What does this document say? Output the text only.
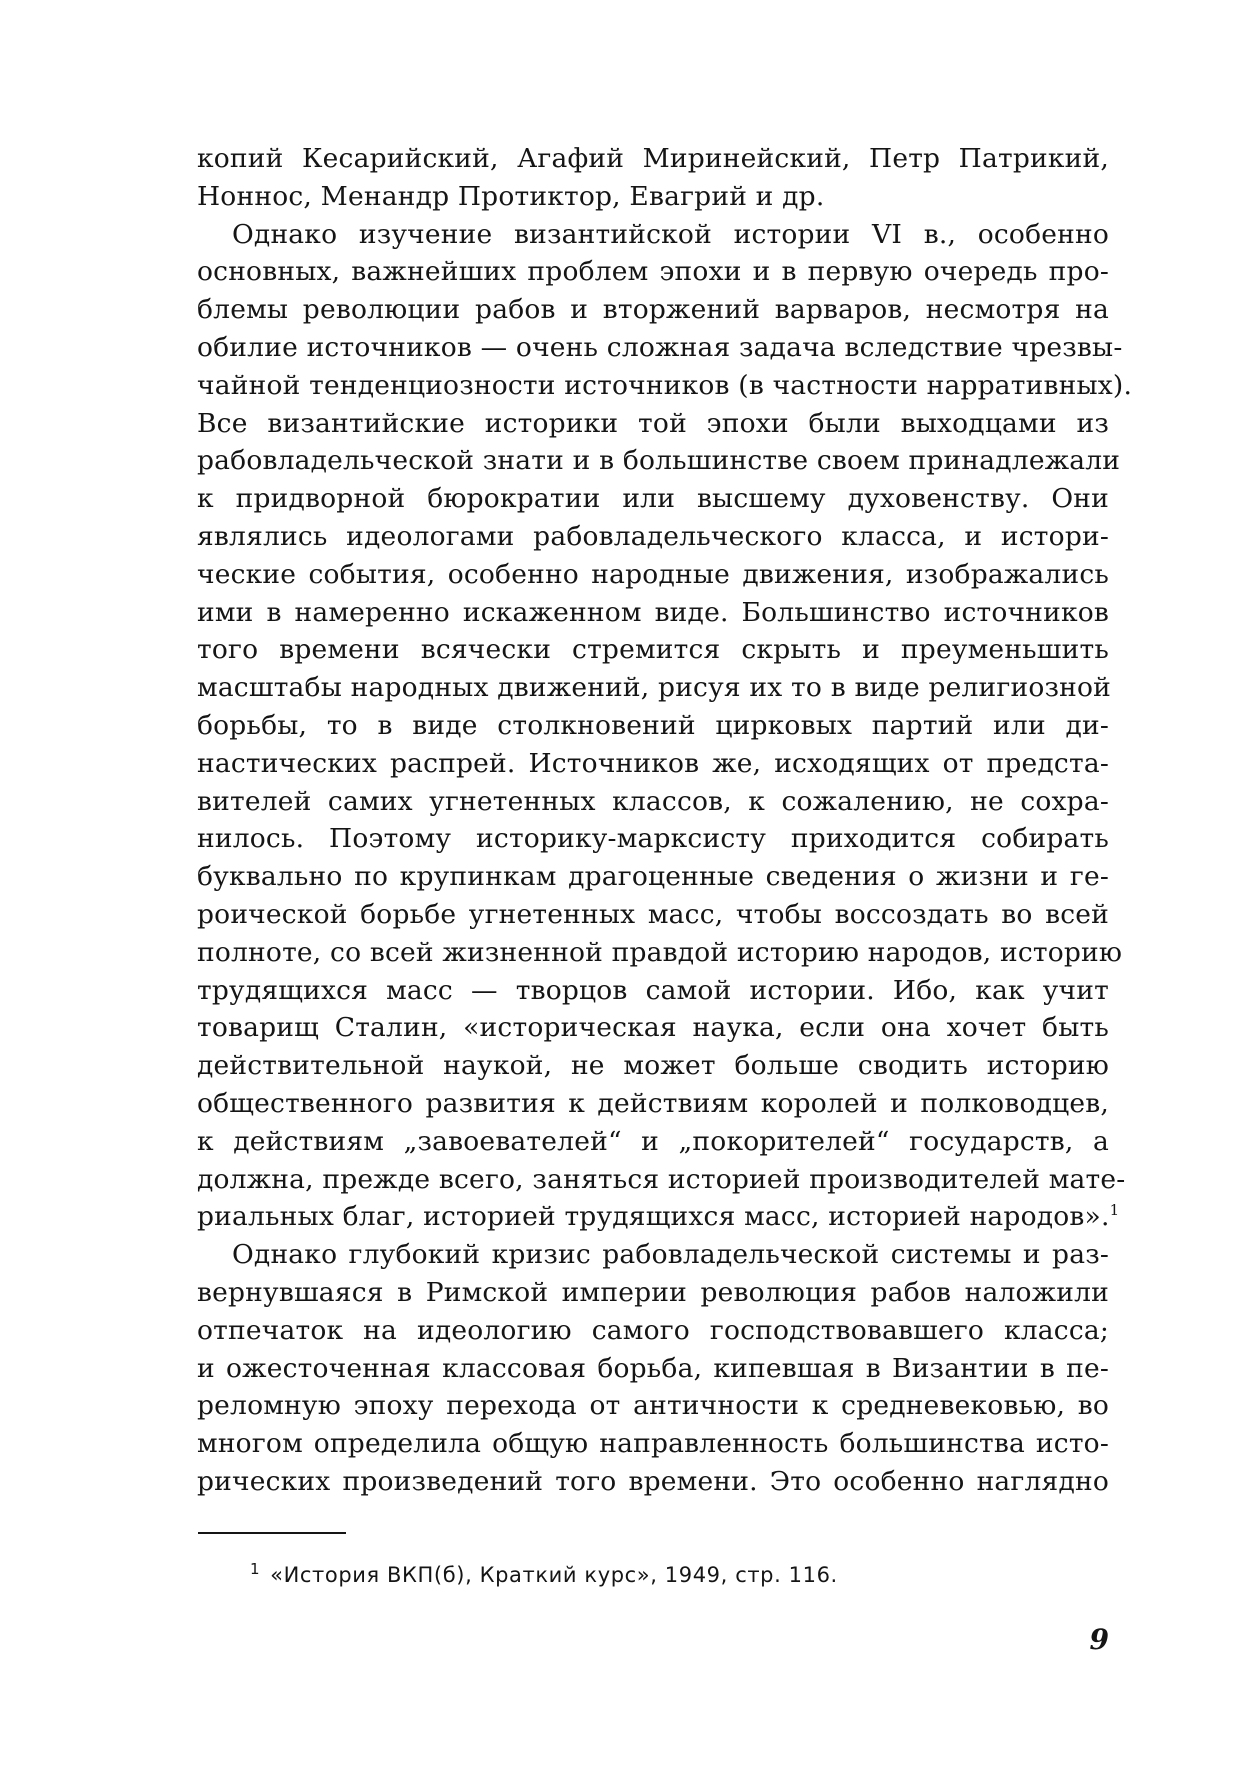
копий Кесарийский, Агафий Миринейский, Петр Патрикий,
Ноннос, Менандр Протиктор, Евагрий и др.
Однако изучение византийской истории VI в., особенно
основных, важнейших проблем эпохи и в первую очередь про-
блемы революции рабов и вторжений варваров, несмотря на
обилие источников — очень сложная задача вследствие чрезвы-
чайной тенденциозности источников (в частности нарративных).
Все византийские историки той эпохи были выходцами из
рабовладельческой знати и в большинстве своем принадлежали
к придворной бюрократии или высшему духовенству. Они
являлись идеологами рабовладельческого класса, и истори-
ческие события, особенно народные движения, изображались
ими в намеренно искаженном виде. Большинство источников
того времени всячески стремится скрыть и преуменьшить
масштабы народных движений, рисуя их то в виде религиозной
борьбы, то в виде столкновений цирковых партий или ди-
настических распрей. Источников же, исходящих от предста-
вителей самих угнетенных классов, к сожалению, не сохра-
нилось. Поэтому историку-марксисту приходится собирать
буквально по крупинкам драгоценные сведения о жизни и ге-
роической борьбе угнетенных масс, чтобы воссоздать во всей
полноте, со всей жизненной правдой историю народов, историю
трудящихся масс — творцов самой истории. Ибо, как учит
товарищ Сталин, «историческая наука, если она хочет быть
действительной наукой, не может больше сводить историю
общественного развития к действиям королей и полководцев,
к действиям „завоевателей“ и „покорителей“ государств, а
должна, прежде всего, заняться историей производителей мате-
риальных благ, историей трудящихся масс, историей народов».$^1$
Однако глубокий кризис рабовладельческой системы и раз-
вернувшаяся в Римской империи революция рабов наложили
отпечаток на идеологию самого господствовавшего класса;
и ожесточенная классовая борьба, кипевшая в Византии в пе-
реломную эпоху перехода от античности к средневековью, во
многом определила общую направленность большинства исто-
рических произведений того времени. Это особенно наглядно
$^1$ «История ВКП(б), Краткий курс», 1949, стр. 116.
9
